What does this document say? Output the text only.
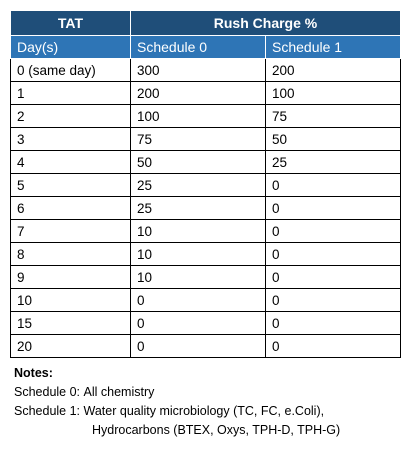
TAT	Rush Charge %	
Day(s)	Schedule 0	Schedule 1
0 (same day)	300	200
1	200	100
2	100	75
3	75	50
4	50	25
5	25	0
6	25	0
7	10	0
8	10	0
9	10	0
10	0	0
15	0	0
20	0	0
Notes:
Schedule 0:
All chemistry
Schedule 1:
Water quality microbiology (TC, FC, e.Coli),
Hydrocarbons (BTEX, Oxys, TPH-D, TPH-G)
